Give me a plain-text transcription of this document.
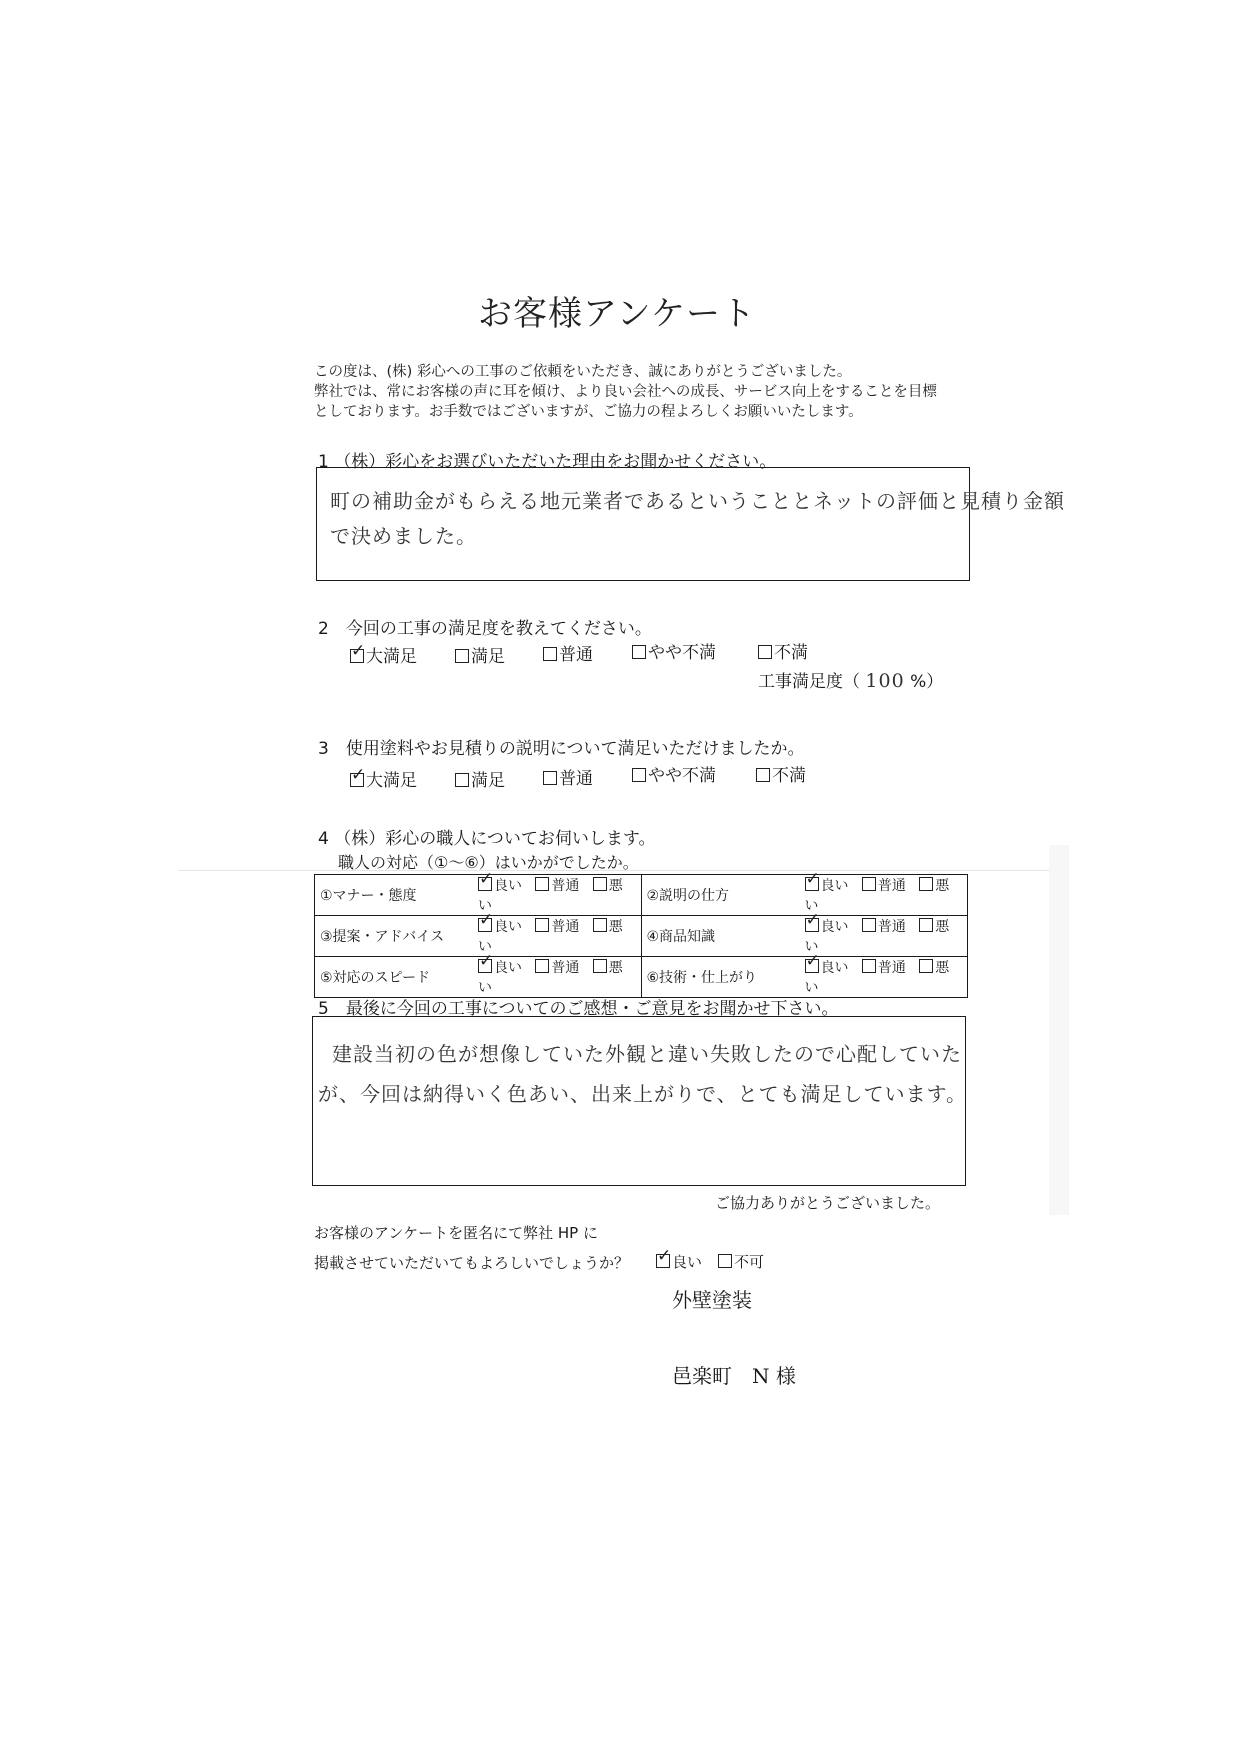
お客様アンケート
この度は、(株) 彩心への工事のご依頼をいただき、誠にありがとうございました。
弊社では、常にお客様の声に耳を傾け、より良い会社への成長、サービス向上をすることを目標
としております。お手数ではございますが、ご協力の程よろしくお願いいたします。
1 （株）彩心をお選びいただいた理由をお聞かせください。
町の補助金がもらえる地元業者であるということとネットの評価と見積り金額
で決めました。
2　今回の工事の満足度を教えてください。
✓大満足	満足	普通	やや不満	不満
工事満足度（ 100 %）
3　使用塗料やお見積りの説明について満足いただけましたか。
✓大満足	満足	普通	やや不満	不満
4 （株）彩心の職人についてお伺いします。
職人の対応（①〜⑥）はいかがでしたか。
①マナー・態度	✓良い 普通 悪い	②説明の仕方	✓良い 普通 悪い
③提案・アドバイス	✓良い 普通 悪い	④商品知識	✓良い 普通 悪い
⑤対応のスピード	✓良い 普通 悪い	⑥技術・仕上がり	✓良い 普通 悪い
5　最後に今回の工事についてのご感想・ご意見をお聞かせ下さい。
建設当初の色が想像していた外観と違い失敗したので心配していた
が、今回は納得いく色あい、出来上がりで、とても満足しています。
ご協力ありがとうございました。
お客様のアンケートを匿名にて弊社 HP に
掲載させていただいてもよろしいでしょうか？ ✓	良い	不可
外壁塗装
邑楽町　N 様
